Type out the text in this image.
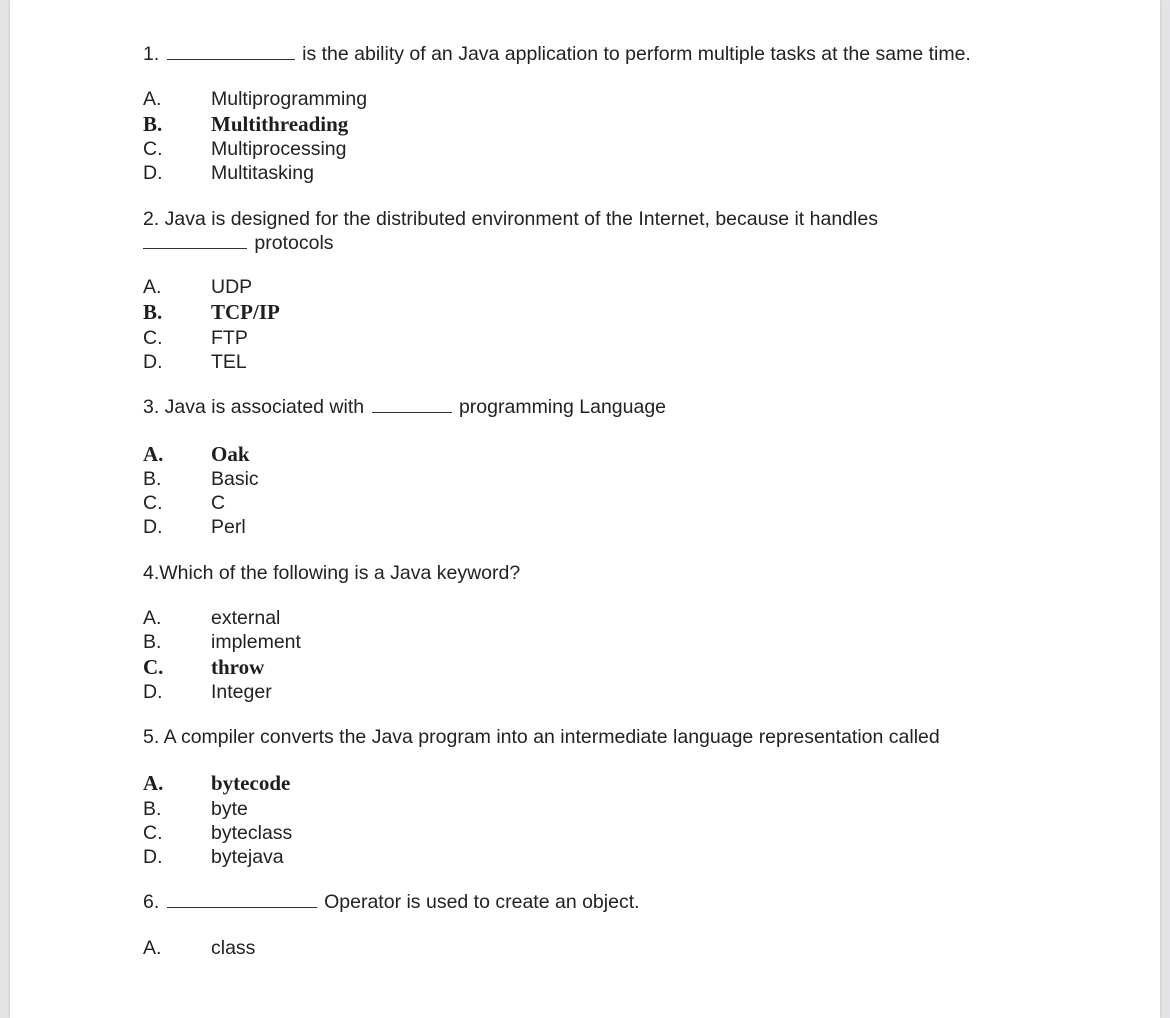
1.	is the ability of an Java application to perform multiple tasks at the same time.
A.	Multiprogramming
B. Multithreading
C. Multiprocessing
D. Multitasking
2. Java is designed for the distributed environment of the Internet, because it handles
protocols
A.	UDP
B. TCP/IP
C. FTP
D. TEL
3. Java is associated with	programming Language
A. Oak
B.	Basic
C. C
D. Perl
4.Which of the following is a Java keyword?
A.	external
B.	implement
C. throw
D. Integer
5. A compiler converts the Java program into an intermediate language representation called
A. bytecode
B.	byte
C. byteclass
D. bytejava
6.	Operator is used to create an object.
A.	class
